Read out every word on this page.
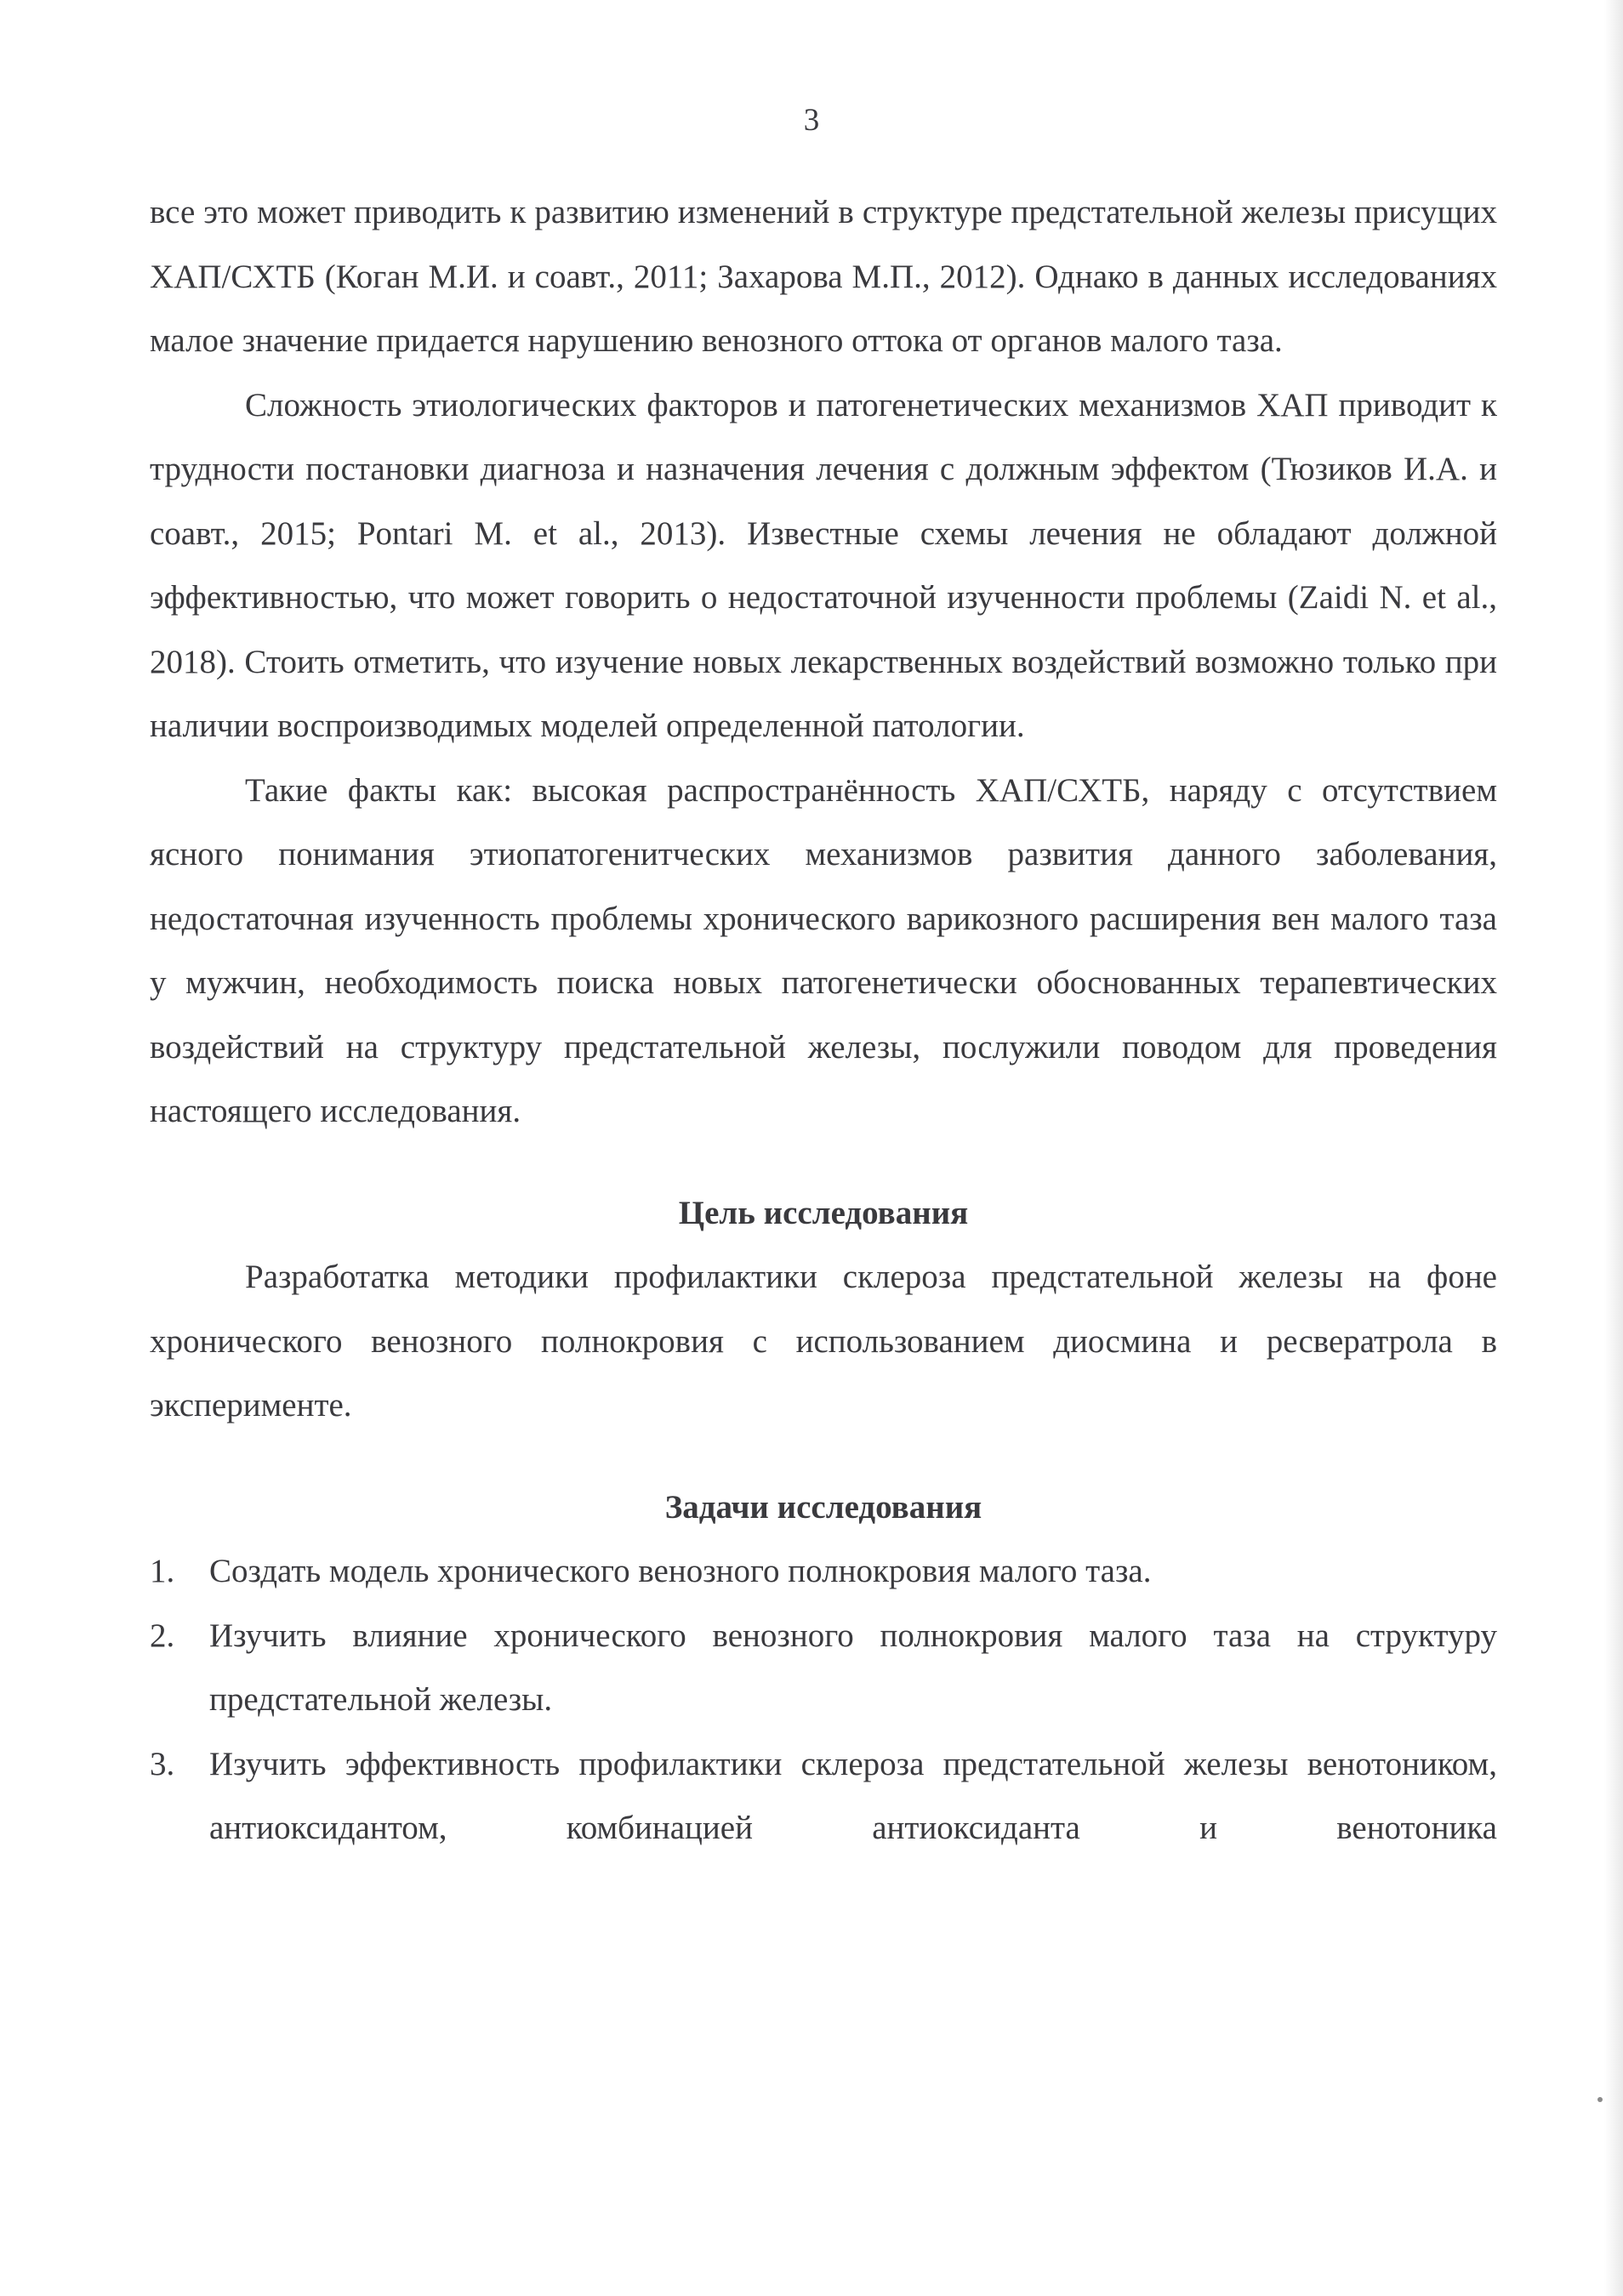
3

все это может приводить к развитию изменений в структуре предстательной железы присущих ХАП/СХТБ (Коган М.И. и соавт., 2011; Захарова М.П., 2012). Однако в данных исследованиях малое значение придается нарушению венозного оттока от органов малого таза.

Сложность этиологических факторов и патогенетических механизмов ХАП приводит к трудности постановки диагноза и назначения лечения с должным эффектом (Тюзиков И.А. и соавт., 2015; Pontari M. et al., 2013). Известные схемы лечения не обладают должной эффективностью, что может говорить о недостаточной изученности проблемы (Zaidi N. et al., 2018). Стоить отметить, что изучение новых лекарственных воздействий возможно только при наличии воспроизводимых моделей определенной патологии.

Такие факты как: высокая распространённость ХАП/СХТБ, наряду с отсутствием ясного понимания этиопатогенитческих механизмов развития данного заболевания, недостаточная изученность проблемы хронического варикозного расширения вен малого таза у мужчин, необходимость поиска новых патогенетически обоснованных терапевтических воздействий на структуру предстательной железы, послужили поводом для проведения настоящего исследования.

Цель исследования

Разработатка методики профилактики склероза предстательной железы на фоне хронического венозного полнокровия с использованием диосмина и ресвератрола в эксперименте.

Задачи исследования
1.	Создать модель хронического венозного полнокровия малого таза.
2.	Изучить влияние хронического венозного полнокровия малого таза на структуру предстательной железы.
3.	Изучить эффективность профилактики склероза предстательной железы венотоником, антиоксидантом, комбинацией антиоксиданта и венотоника
